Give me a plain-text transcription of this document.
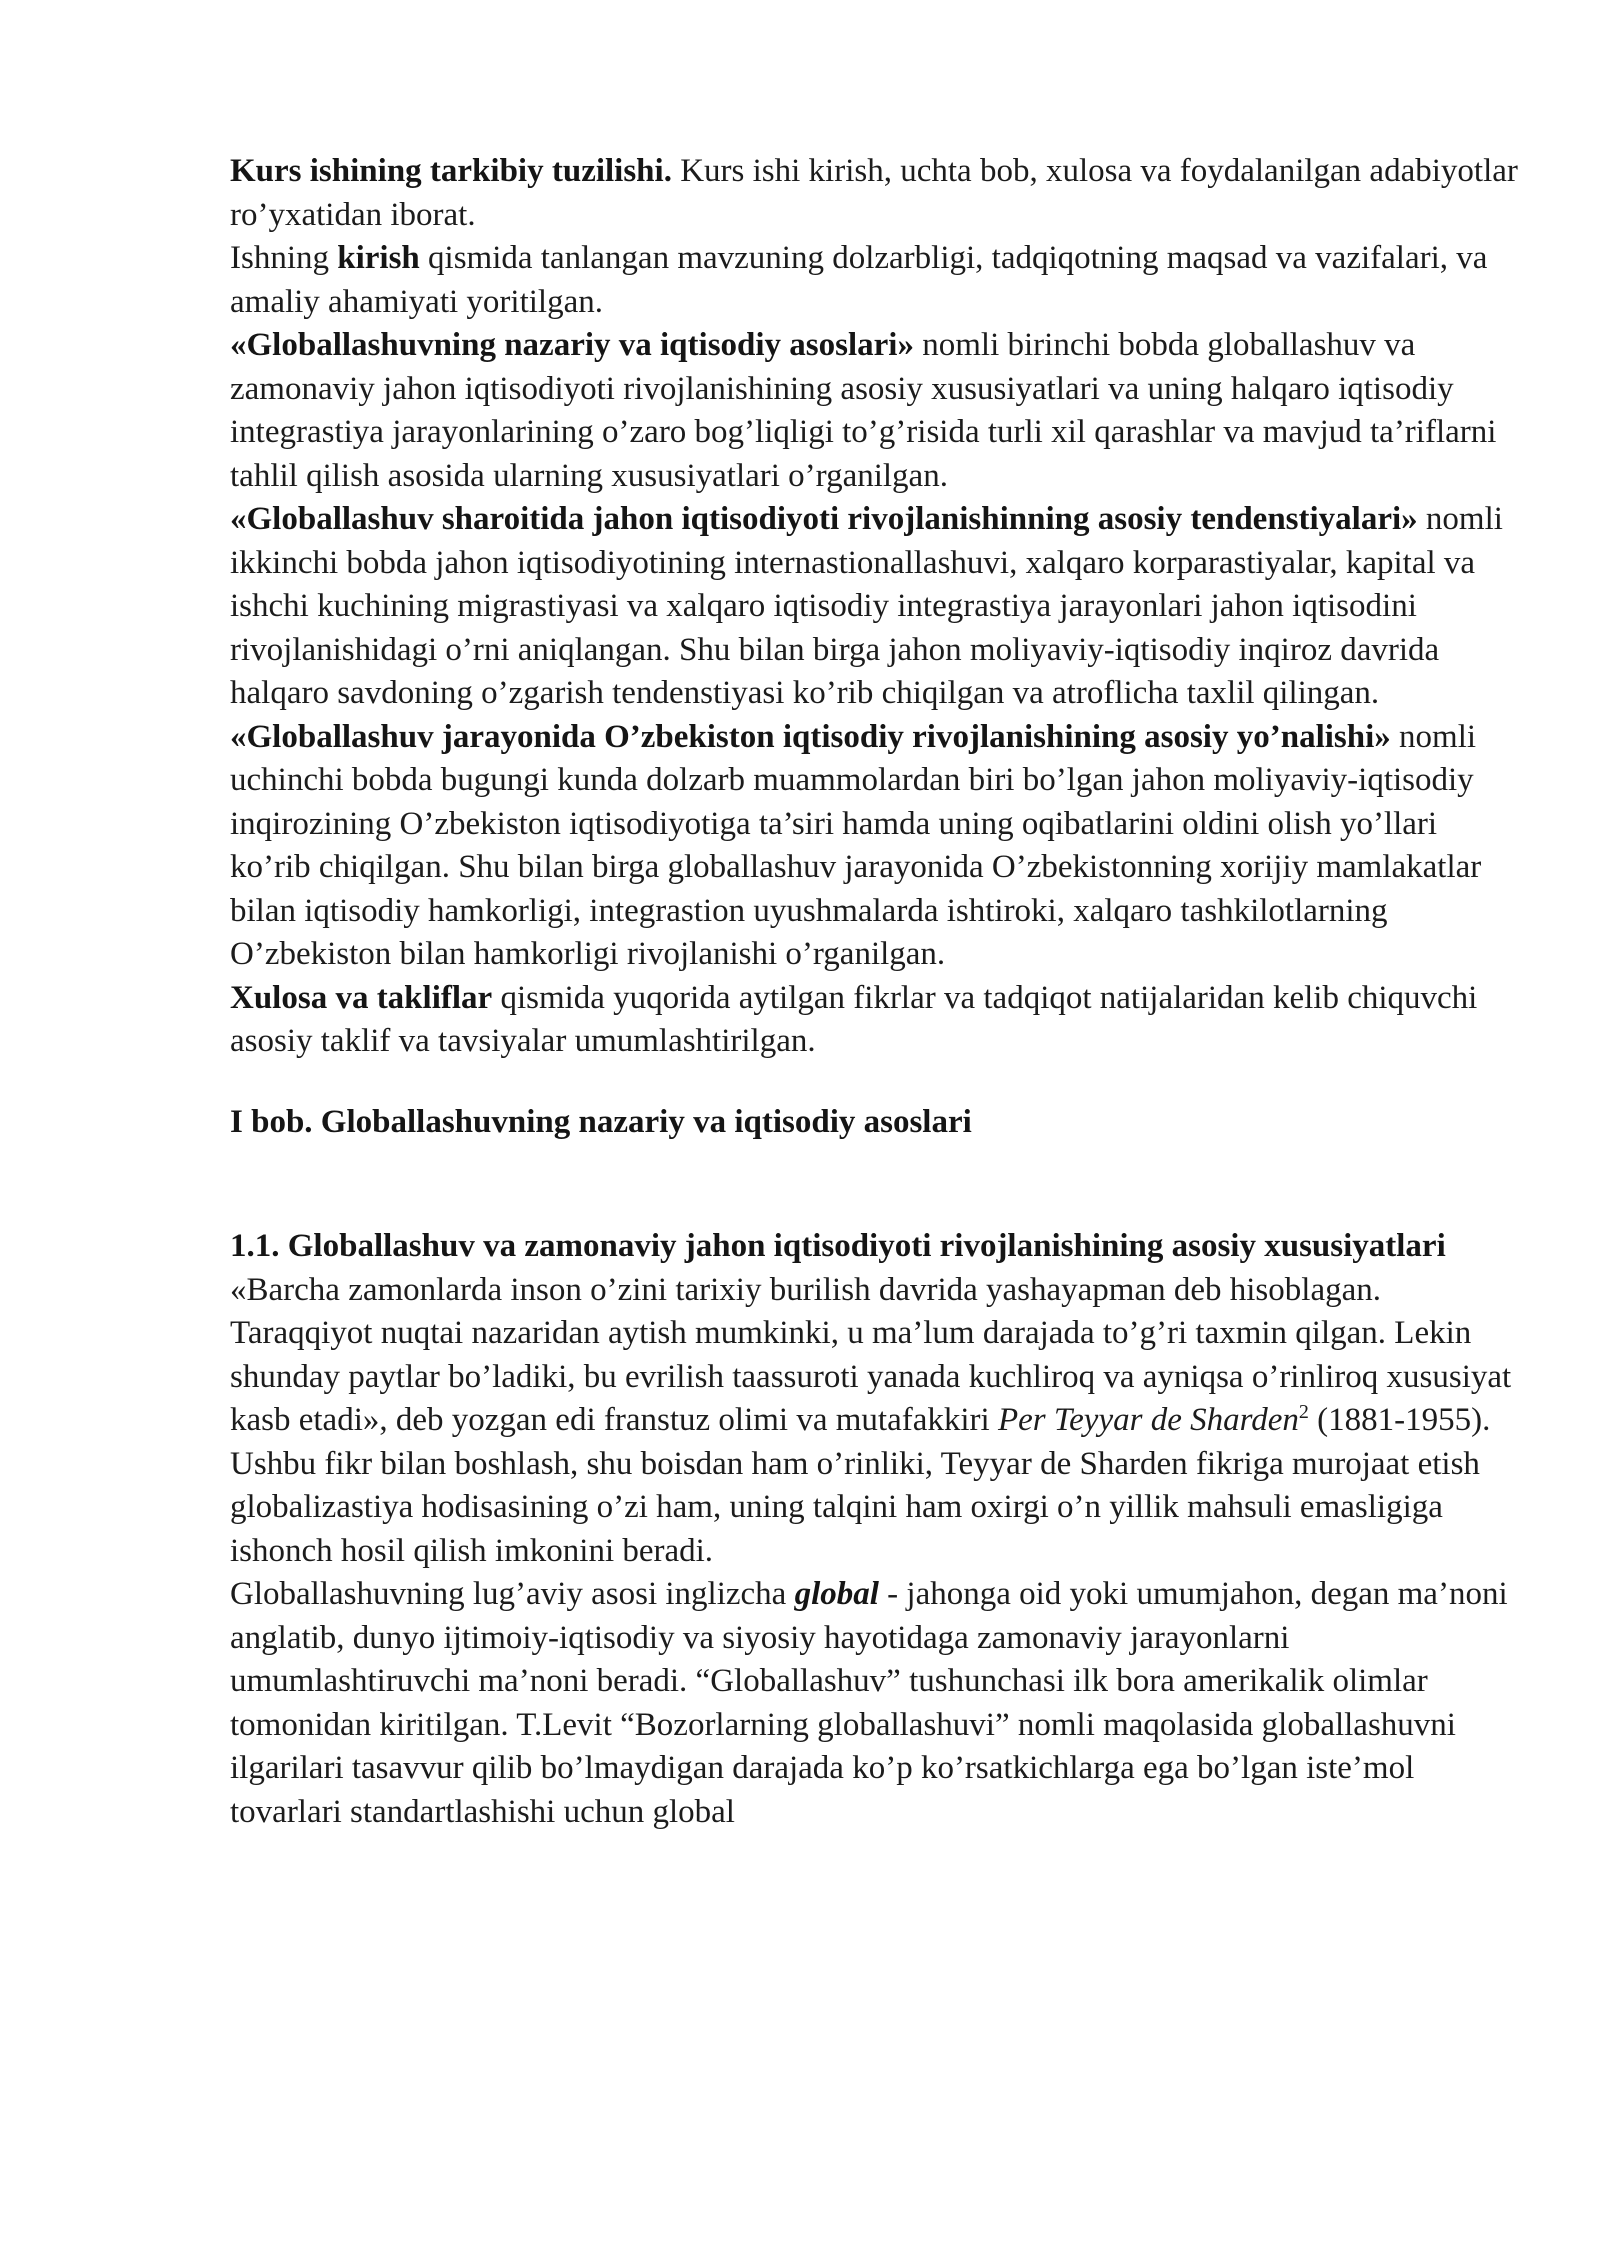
Kurs ishining tarkibiy tuzilishi. Kurs ishi kirish, uchta bob, xulosa va foydalanilgan adabiyotlar ro’yxatidan iborat.

Ishning kirish qismida tanlangan mavzuning dolzarbligi, tadqiqotning maqsad va vazifalari, va amaliy ahamiyati yoritilgan.

«Globallashuvning nazariy va iqtisodiy asoslari» nomli birinchi bobda globallashuv va zamonaviy jahon iqtisodiyoti rivojlanishining asosiy xususiyatlari va uning halqaro iqtisodiy integrastiya jarayonlarining o’zaro bog’liqligi to’g’risida turli xil qarashlar va mavjud ta’riflarni tahlil qilish asosida ularning xususiyatlari o’rganilgan.

«Globallashuv sharoitida jahon iqtisodiyoti rivojlanishinning asosiy tendenstiyalari» nomli ikkinchi bobda jahon iqtisodiyotining internastionallashuvi, xalqaro korparastiyalar, kapital va ishchi kuchining migrastiyasi va xalqaro iqtisodiy integrastiya jarayonlari jahon iqtisodini rivojlanishidagi o’rni aniqlangan. Shu bilan birga jahon moliyaviy-iqtisodiy inqiroz davrida halqaro savdoning o’zgarish tendenstiyasi ko’rib chiqilgan va atroflicha taxlil qilingan.

«Globallashuv jarayonida O’zbekiston iqtisodiy rivojlanishining asosiy yo’nalishi» nomli uchinchi bobda bugungi kunda dolzarb muammolardan biri bo’lgan jahon moliyaviy-iqtisodiy inqirozining O’zbekiston iqtisodiyotiga ta’siri hamda uning oqibatlarini oldini olish yo’llari ko’rib chiqilgan. Shu bilan birga globallashuv jarayonida O’zbekistonning xorijiy mamlakatlar bilan iqtisodiy hamkorligi, integrastion uyushmalarda ishtiroki, xalqaro tashkilotlarning O’zbekiston bilan hamkorligi rivojlanishi o’rganilgan.

Xulosa va takliflar qismida yuqorida aytilgan fikrlar va tadqiqot natijalaridan kelib chiquvchi asosiy taklif va tavsiyalar umumlashtirilgan.

I bob. Globallashuvning nazariy va iqtisodiy asoslari

1.1. Globallashuv va zamonaviy jahon iqtisodiyoti rivojlanishining asosiy xususiyatlari

«Barcha zamonlarda inson o’zini tarixiy burilish davrida yashayapman deb hisoblagan. Taraqqiyot nuqtai nazaridan aytish mumkinki, u ma’lum darajada to’g’ri taxmin qilgan. Lekin shunday paytlar bo’ladiki, bu evrilish taassuroti yanada kuchliroq va ayniqsa o’rinliroq xususiyat kasb etadi», deb yozgan edi franstuz olimi va mutafakkiri Per Teyyar de Sharden$^2$ (1881-1955). Ushbu fikr bilan boshlash, shu boisdan ham o’rinliki, Teyyar de Sharden fikriga murojaat etish globalizastiya hodisasining o’zi ham, uning talqini ham oxirgi o’n yillik mahsuli emasligiga ishonch hosil qilish imkonini beradi.

Globallashuvning lug’aviy asosi inglizcha global - jahonga oid yoki umumjahon, degan ma’noni anglatib, dunyo ijtimoiy-iqtisodiy va siyosiy hayotidaga zamonaviy jarayonlarni umumlashtiruvchi ma’noni beradi. “Globallashuv” tushunchasi ilk bora amerikalik olimlar tomonidan kiritilgan. T.Levit “Bozorlarning globallashuvi” nomli maqolasida globallashuvni ilgarilari tasavvur qilib bo’lmaydigan darajada ko’p ko’rsatkichlarga ega bo’lgan iste’mol tovarlari standartlashishi uchun global
